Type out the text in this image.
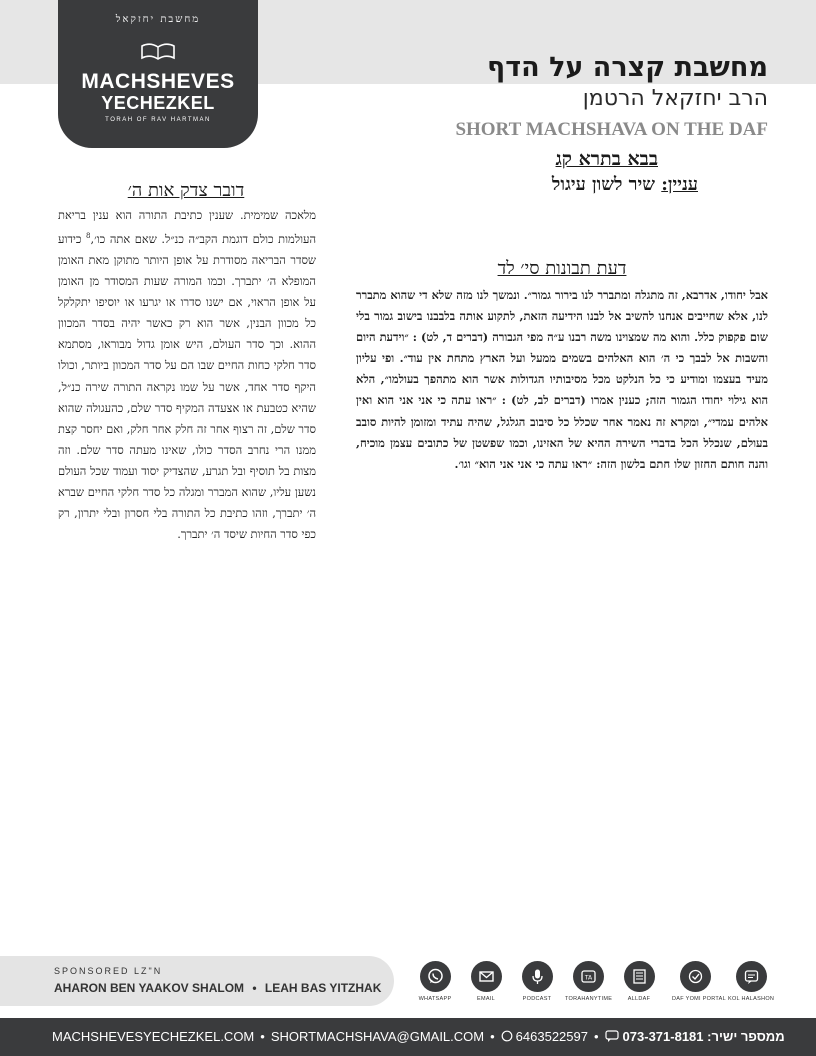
מחשבת יחזקאל
MACHSHEVES
YECHEZKEL
TORAH OF RAV HARTMAN
מחשבת קצרה על הדף
הרב יחזקאל הרטמן
SHORT MACHSHAVA ON THE DAF
בבא בתרא קג
עניין: שיר לשון עיגול
דובר צדק אות ה׳
מלאכה שמימית. שענין כתיבת התורה הוא ענין בריאת העולמות כולם דוגמת הקב״ה כנ״ל. שאם אתה כו׳,$^8$ כידוע שסדר הבריאה מסודרת על אופן היותר מתוקן מאת האומן המופלא ה׳ יתברך. וכמו המורה שעות המסודר מן האומן על אופן הראוי, אם ישנו סדרו או יגרעו או יוסיפו יתקלקל כל מכוון הבנין, אשר הוא רק כאשר יהיה בסדר המכוון ההוא. וכך סדר העולם, היש אומן גדול מבוראו, מסתמא סדר חלקי כחות החיים שבו הם על סדר המכוון ביותר, וכולו היקף סדר אחד, אשר על שמו נקראה התורה שירה כנ״ל, שהיא כטבעת או אצעדה המקיף סדר שלם, כהעגולה שהוא סדר שלם, זה רצוף אחר זה חלק אחר חלק, ואם יחסר קצת ממנו הרי נחרב הסדר כולו, שאינו מעתה סדר שלם. וזה מצות בל תוסיף ובל תגרע, שהצדיק יסוד ועמוד שכל העולם נשען עליו, שהוא המברר ומגלה כל סדר חלקי החיים שברא ה׳ יתברך, וזהו כתיבת כל התורה בלי חסרון ובלי יתרון, רק כפי סדר החיות שיסד ה׳ יתברך.
דעת תבונות סי׳ לד
אבל יחודו, אדרבא, זה מתגלה ומתברר לנו בירור גמור״. ונמשך לנו מזה שלא די שהוא מתברר לנו, אלא שחייבים אנחנו להשיב אל לבנו הידיעה הזאת, לתקוע אותה בלבבנו בישוב גמור בלי שום פקפוק כלל. והוא מה שמצוינו משה רבנו ע״ה מפי הגבורה (דברים ד, לט) : ״וידעת היום והשבות אל לבבך כי ה׳ הוא האלהים בשמים ממעל ועל הארץ מתחת אין עוד״. ופי עליון מעיד בעצמו ומודיע כי כל הנלקט מכל מסיבותיו הגדולות אשר הוא מתהפך בעולמו״, הלא הוא גילוי יחודו הגמור הזה; כענין אמרו (דברים לב, לט) : ״ראו עתה כי אני אני הוא ואין אלהים עמדי״, ומקרא זה נאמר אחר שכלל כל סיבוב הגלגל, שהיה עתיד ומזומן להיות סובב בעולם, שנכלל הכל בדברי השירה ההיא של האזינו, וכמו שפשטן של כתובים עצמן מוכיח, והנה חותם החזון שלו חתם בלשון הזה: ״ראו עתה כי אני אני הוא״ וגו׳.
SPONSORED LZ"N
AHARON BEN YAAKOV SHALOM • LEAH BAS YITZHAK
WHATSAPP	EMAIL	PODCAST
TA
TORAHANYTIME	ALLDAF	DAF YOMI PORTAL KOL HALASHON
MACHSHEVESYECHEZKEL.COM • SHORTMACHSHAVA@GMAIL.COM • 6463522597 • 073-371-8181 ממספר ישיר:
